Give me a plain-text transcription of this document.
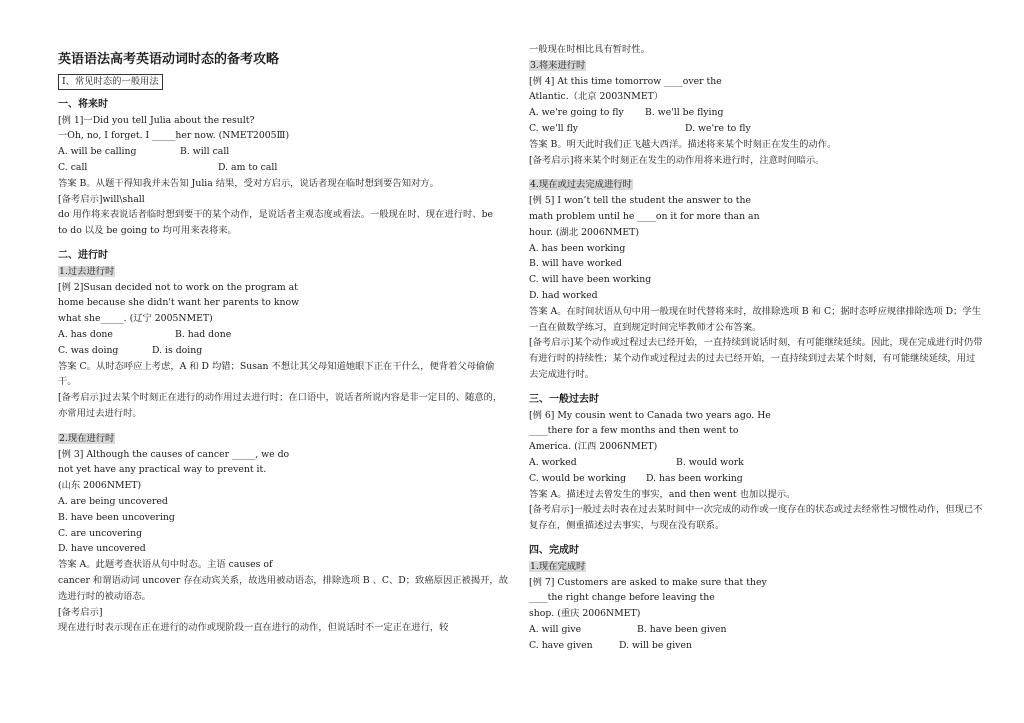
英语语法高考英语动词时态的备考攻略
Ⅰ、常见时态的一般用法
一、将来时
[例 1]一Did you tell Julia about the result?
一Oh, no, I forget. I _____her now. (NMET2005Ⅲ)
A. will be calling	B. will call
C. call	D. am to call
答案 B。从题干得知我并未告知 Julia 结果，受对方启示，说话者现在临时想到要告知对方。
[备考启示]will\shall
do 用作将来表说话者临时想到要干的某个动作，是说话者主观态度或看法。一般现在时、现在进行时、be
to do 以及 be going to 均可用来表将来。
二、进行时
1.过去进行时
[例 2]Susan decided not to work on the program at
home because she didn't want her parents to know
what she_____. (辽宁 2005NMET)
A. has done	B. had done
C. was doing	D. is doing
答案 C。从时态呼应上考虑，A 和 D 均错；Susan 不想让其父母知道她眼下正在干什么，便背着父母偷偷干。
[备考启示]过去某个时刻正在进行的动作用过去进行时；在口语中，说话者所说内容是非一定目的、随意的，亦常用过去进行时。
2.现在进行时
[例 3] Although the causes of cancer _____, we do
not yet have any practical way to prevent it.
(山东 2006NMET)
A. are being uncovered
B. have been uncovering
C. are uncovering
D. have uncovered
答案 A。此题考查状语从句中时态。主语 causes of
cancer 和谓语动词 uncover 存在动宾关系，故选用被动语态，排除选项 B 、C、D；致癌原因正被揭开，故选进行时的被动语态。
[备考启示]
现在进行时表示现在正在进行的动作或现阶段一直在进行的动作，但说话时不一定正在进行，较
一般现在时相比具有暂时性。
3.将来进行时
[例 4] At this time tomorrow ____over the
Atlantic.（北京 2003NMET）
A. we're going to fly	B. we'll be flying
C. we'll fly	D. we're to fly
答案 B。明天此时我们正飞越大西洋。描述将来某个时刻正在发生的动作。
[备考启示]将来某个时刻正在发生的动作用将来进行时，注意时间暗示。
4.现在或过去完成进行时
[例 5] I won’t tell the student the answer to the
math problem until he ____on it for more than an
hour. (湖北 2006NMET)
A. has been working
B. will have worked
C. will have been working
D. had worked
答案 A。在时间状语从句中用一般现在时代替将来时，故排除选项 B 和 C；据时态呼应规律排除选项 D；学生一直在做数学练习，直到规定时间完毕教师才公布答案。
[备考启示]某个动作或过程过去已经开始，一直持续到说话时刻，有可能继续延续。因此，现在完成进行时仍带有进行时的持续性；某个动作或过程过去的过去已经开始，一直持续到过去某个时刻，有可能继续延续，用过去完成进行时。
三、一般过去时
[例 6] My cousin went to Canada two years ago. He
____there for a few months and then went to
America. (江西 2006NMET)
A. worked	B. would work
C. would be working	D. has been working
答案 A。描述过去曾发生的事实，and then went 也加以提示。
[备考启示]一般过去时表在过去某时间中一次完成的动作或一度存在的状态或过去经常性习惯性动作，但现已不复存在，侧重描述过去事实，与现在没有联系。
四、完成时
1.现在完成时
[例 7] Customers are asked to make sure that they
____the right change before leaving the
shop. (重庆 2006NMET)
A. will give	B. have been given
C. have given	D. will be given
